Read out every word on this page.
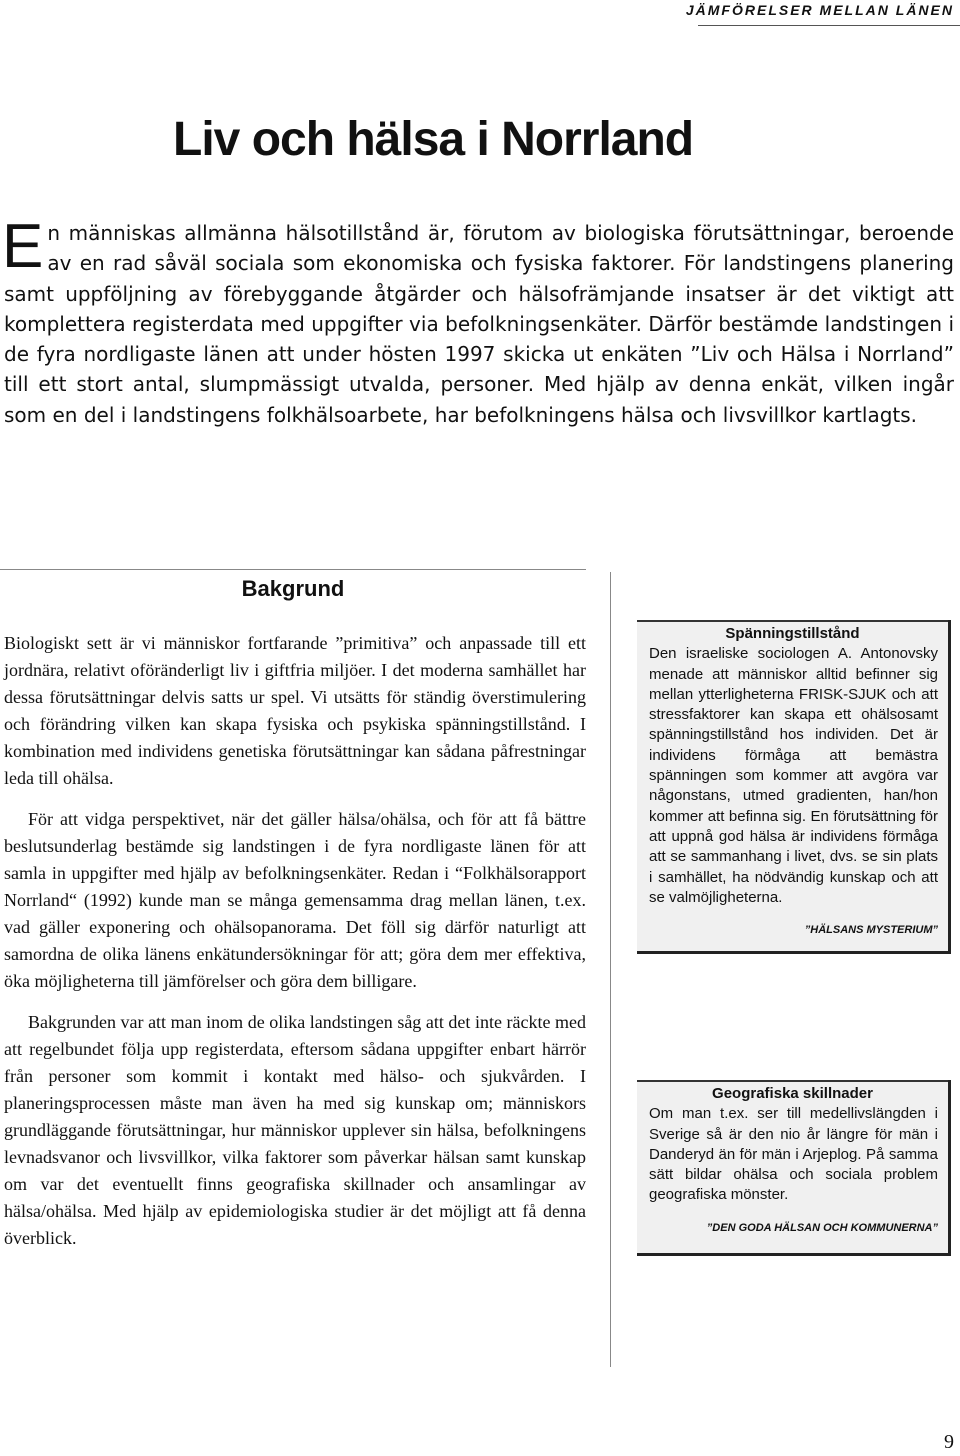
JÄMFÖRELSER MELLAN LÄNEN
Liv och hälsa i Norrland

En människas allmänna hälsotillstånd är, förutom av biologiska förutsättningar, beroende av en rad såväl sociala som ekonomiska och fysiska faktorer. För landstingens planering samt uppföljning av förebyggande åtgärder och hälsofrämjande insatser är det viktigt att komplettera registerdata med uppgifter via befolkningsenkäter. Därför bestämde landstingen i de fyra nordligaste länen att under hösten 1997 skicka ut enkäten ”Liv och Hälsa i Norrland” till ett stort antal, slumpmässigt utvalda, personer. Med hjälp av denna enkät, vilken ingår som en del i landstingens folkhälsoarbete, har befolkningens hälsa och livsvillkor kartlagts.

Bakgrund

Biologiskt sett är vi människor fortfarande ”primitiva” och anpassade till ett jordnära, relativt oföränderligt liv i giftfria miljöer. I det moderna samhället har dessa förutsättningar delvis satts ur spel. Vi utsätts för ständig överstimulering och förändring vilken kan skapa fysiska och psykiska spänningstillstånd. I kombination med individens genetiska förutsättningar kan sådana påfrestningar leda till ohälsa.

För att vidga perspektivet, när det gäller hälsa/ohälsa, och för att få bättre beslutsunderlag bestämde sig landstingen i de fyra nordligaste länen för att samla in uppgifter med hjälp av befolkningsenkäter. Redan i “Folkhälsorapport Norrland“ (1992) kunde man se många gemensamma drag mellan länen, t.ex. vad gäller exponering och ohälsopanorama. Det föll sig därför naturligt att samordna de olika länens enkätundersökningar för att; göra dem mer effektiva, öka möjligheterna till jämförelser och göra dem billigare.

Bakgrunden var att man inom de olika landstingen såg att det inte räckte med att regelbundet följa upp registerdata, eftersom sådana uppgifter enbart härrör från personer som kommit i kontakt med hälso- och sjukvården. I planeringsprocessen måste man även ha med sig kunskap om; människors grundläggande förutsättningar, hur människor upplever sin hälsa, befolkningens levnadsvanor och livsvillkor, vilka faktorer som påverkar hälsan samt kunskap om var det eventuellt finns geografiska skillnader och ansamlingar av hälsa/ohälsa. Med hjälp av epidemiologiska studier är det möjligt att få denna överblick.

Spänningstillstånd

Den israeliske sociologen A. Antonovsky menade att människor alltid befinner sig mellan ytterligheterna FRISK-SJUK och att stressfaktorer kan skapa ett ohälsosamt spänningstillstånd hos individen. Det är individens förmåga att bemästra spänningen som kommer att avgöra var någonstans, utmed gradienten, han/hon kommer att befinna sig. En förutsättning för att uppnå god hälsa är individens förmåga att se sammanhang i livet, dvs. se sin plats i samhället, ha nödvändig kunskap och att se valmöjligheterna.

”HÄLSANS MYSTERIUM”
Geografiska skillnader

Om man t.ex. ser till medellivslängden i Sverige så är den nio år längre för män i Danderyd än för män i Arjeplog. På samma sätt bildar ohälsa och sociala problem geografiska mönster.

”DEN GODA HÄLSAN OCH KOMMUNERNA”
9
